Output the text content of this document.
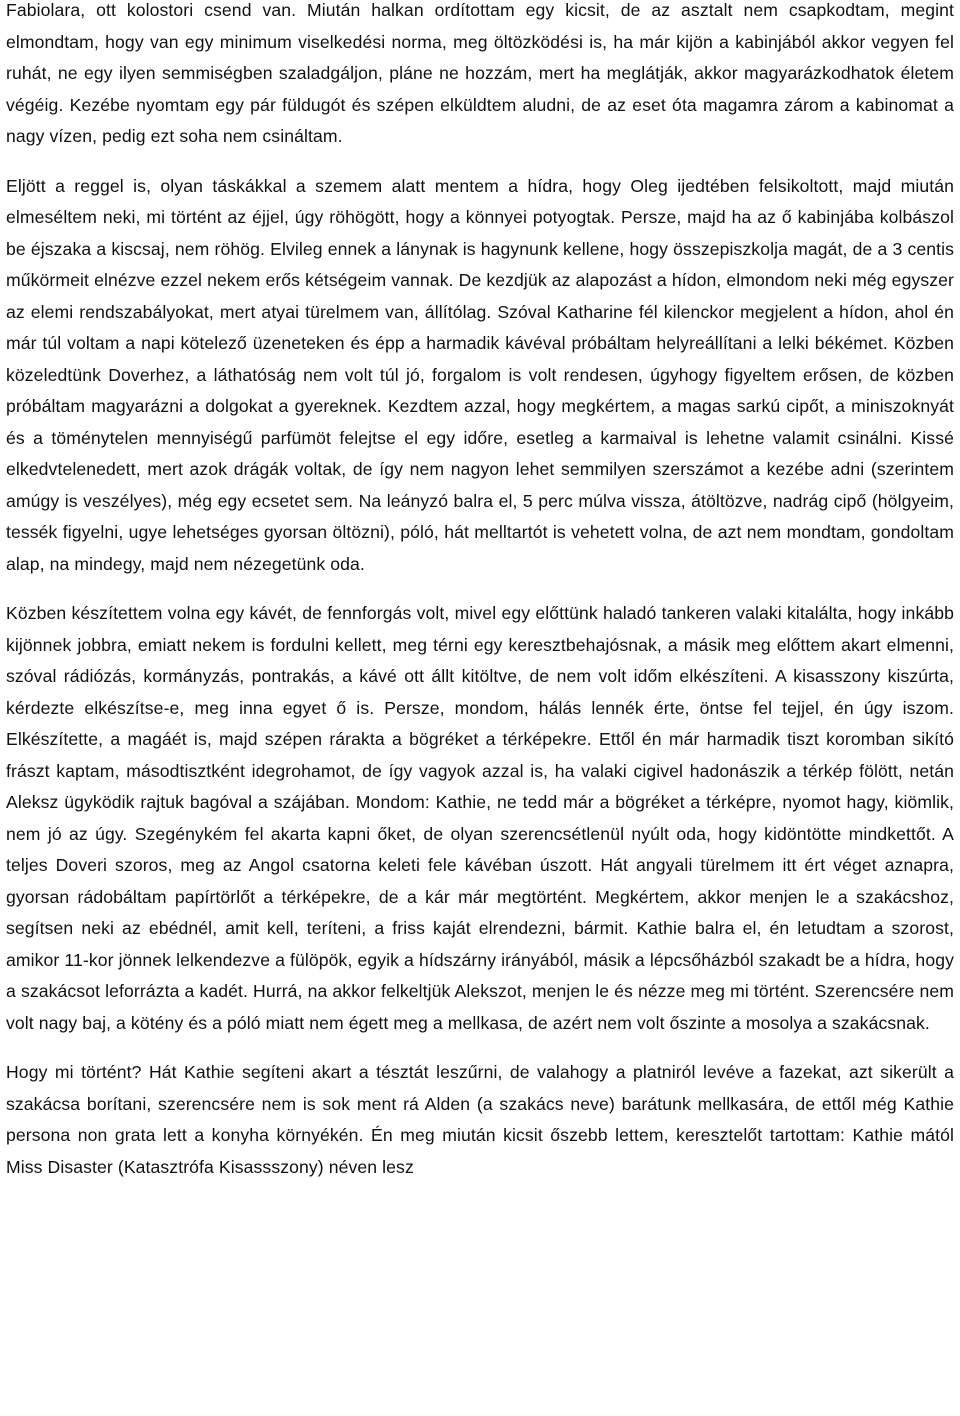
Fabiolara, ott kolostori csend van. Miután halkan ordítottam egy kicsit, de az asztalt nem csapkodtam, megint elmondtam, hogy van egy minimum viselkedési norma, meg öltözködési is, ha már kijön a kabinjából akkor vegyen fel ruhát, ne egy ilyen semmiségben szaladgáljon, pláne ne hozzám, mert ha meglátják, akkor magyarázkodhatok életem végéig. Kezébe nyomtam egy pár füldugót és szépen elküldtem aludni, de az eset óta magamra zárom a kabinomat a nagy vízen, pedig ezt soha nem csináltam.

Eljött a reggel is, olyan táskákkal a szemem alatt mentem a hídra, hogy Oleg ijedtében felsikoltott, majd miután elmeséltem neki, mi történt az éjjel, úgy röhögött, hogy a könnyei potyogtak. Persze, majd ha az ő kabinjába kolbászol be éjszaka a kiscsaj, nem röhög. Elvileg ennek a lánynak is hagynunk kellene, hogy összepiszkolja magát, de a 3 centis műkörmeit elnézve ezzel nekem erős kétségeim vannak. De kezdjük az alapozást a hídon, elmondom neki még egyszer az elemi rendszabályokat, mert atyai türelmem van, állítólag. Szóval Katharine fél kilenckor megjelent a hídon, ahol én már túl voltam a napi kötelező üzeneteken és épp a harmadik kávéval próbáltam helyreállítani a lelki békémet. Közben közeledtünk Doverhez, a láthatóság nem volt túl jó, forgalom is volt rendesen, úgyhogy figyeltem erősen, de közben próbáltam magyarázni a dolgokat a gyereknek. Kezdtem azzal, hogy megkértem, a magas sarkú cipőt, a miniszoknyát és a töménytelen mennyiségű parfümöt felejtse el egy időre, esetleg a karmaival is lehetne valamit csinálni. Kissé elkedvtelenedett, mert azok drágák voltak, de így nem nagyon lehet semmilyen szerszámot a kezébe adni (szerintem amúgy is veszélyes), még egy ecsetet sem. Na leányzó balra el, 5 perc múlva vissza, átöltözve, nadrág cipő (hölgyeim, tessék figyelni, ugye lehetséges gyorsan öltözni), póló, hát melltartót is vehetett volna, de azt nem mondtam, gondoltam alap, na mindegy, majd nem nézegetünk oda.

Közben készítettem volna egy kávét, de fennforgás volt, mivel egy előttünk haladó tankeren valaki kitalálta, hogy inkább kijönnek jobbra, emiatt nekem is fordulni kellett, meg térni egy keresztbehajósnak, a másik meg előttem akart elmenni, szóval rádiózás, kormányzás, pontrakás, a kávé ott állt kitöltve, de nem volt időm elkészíteni. A kisasszony kiszúrta, kérdezte elkészítse-e, meg inna egyet ő is. Persze, mondom, hálás lennék érte, öntse fel tejjel, én úgy iszom. Elkészítette, a magáét is, majd szépen rárakta a bögréket a térképekre. Ettől én már harmadik tiszt koromban sikító frászt kaptam, másodtisztként idegrohamot, de így vagyok azzal is, ha valaki cigivel hadonászik a térkép fölött, netán Aleksz ügyködik rajtuk bagóval a szájában. Mondom: Kathie, ne tedd már a bögréket a térképre, nyomot hagy, kiömlik, nem jó az úgy. Szegénykém fel akarta kapni őket, de olyan szerencsétlenül nyúlt oda, hogy kidöntötte mindkettőt. A teljes Doveri szoros, meg az Angol csatorna keleti fele kávéban úszott. Hát angyali türelmem itt ért véget aznapra, gyorsan rádobáltam papírtörlőt a térképekre, de a kár már megtörtént. Megkértem, akkor menjen le a szakácshoz, segítsen neki az ebédnél, amit kell, teríteni, a friss kaját elrendezni, bármit. Kathie balra el, én letudtam a szorost, amikor 11-kor jönnek lelkendezve a fülöpök, egyik a hídszárny irányából, másik a lépcsőházból szakadt be a hídra, hogy a szakácsot leforrázta a kadét. Hurrá, na akkor felkeltjük Alekszot, menjen le és nézze meg mi történt. Szerencsére nem volt nagy baj, a kötény és a póló miatt nem égett meg a mellkasa, de azért nem volt őszinte a mosolya a szakácsnak.

Hogy mi történt? Hát Kathie segíteni akart a tésztát leszűrni, de valahogy a platniról levéve a fazekat, azt sikerült a szakácsa borítani, szerencsére nem is sok ment rá Alden (a szakács neve) barátunk mellkasára, de ettől még Kathie persona non grata lett a konyha környékén. Én meg miután kicsit őszebb lettem, keresztelőt tartottam: Kathie mától Miss Disaster (Katasztrófa Kisassszony) néven lesz
